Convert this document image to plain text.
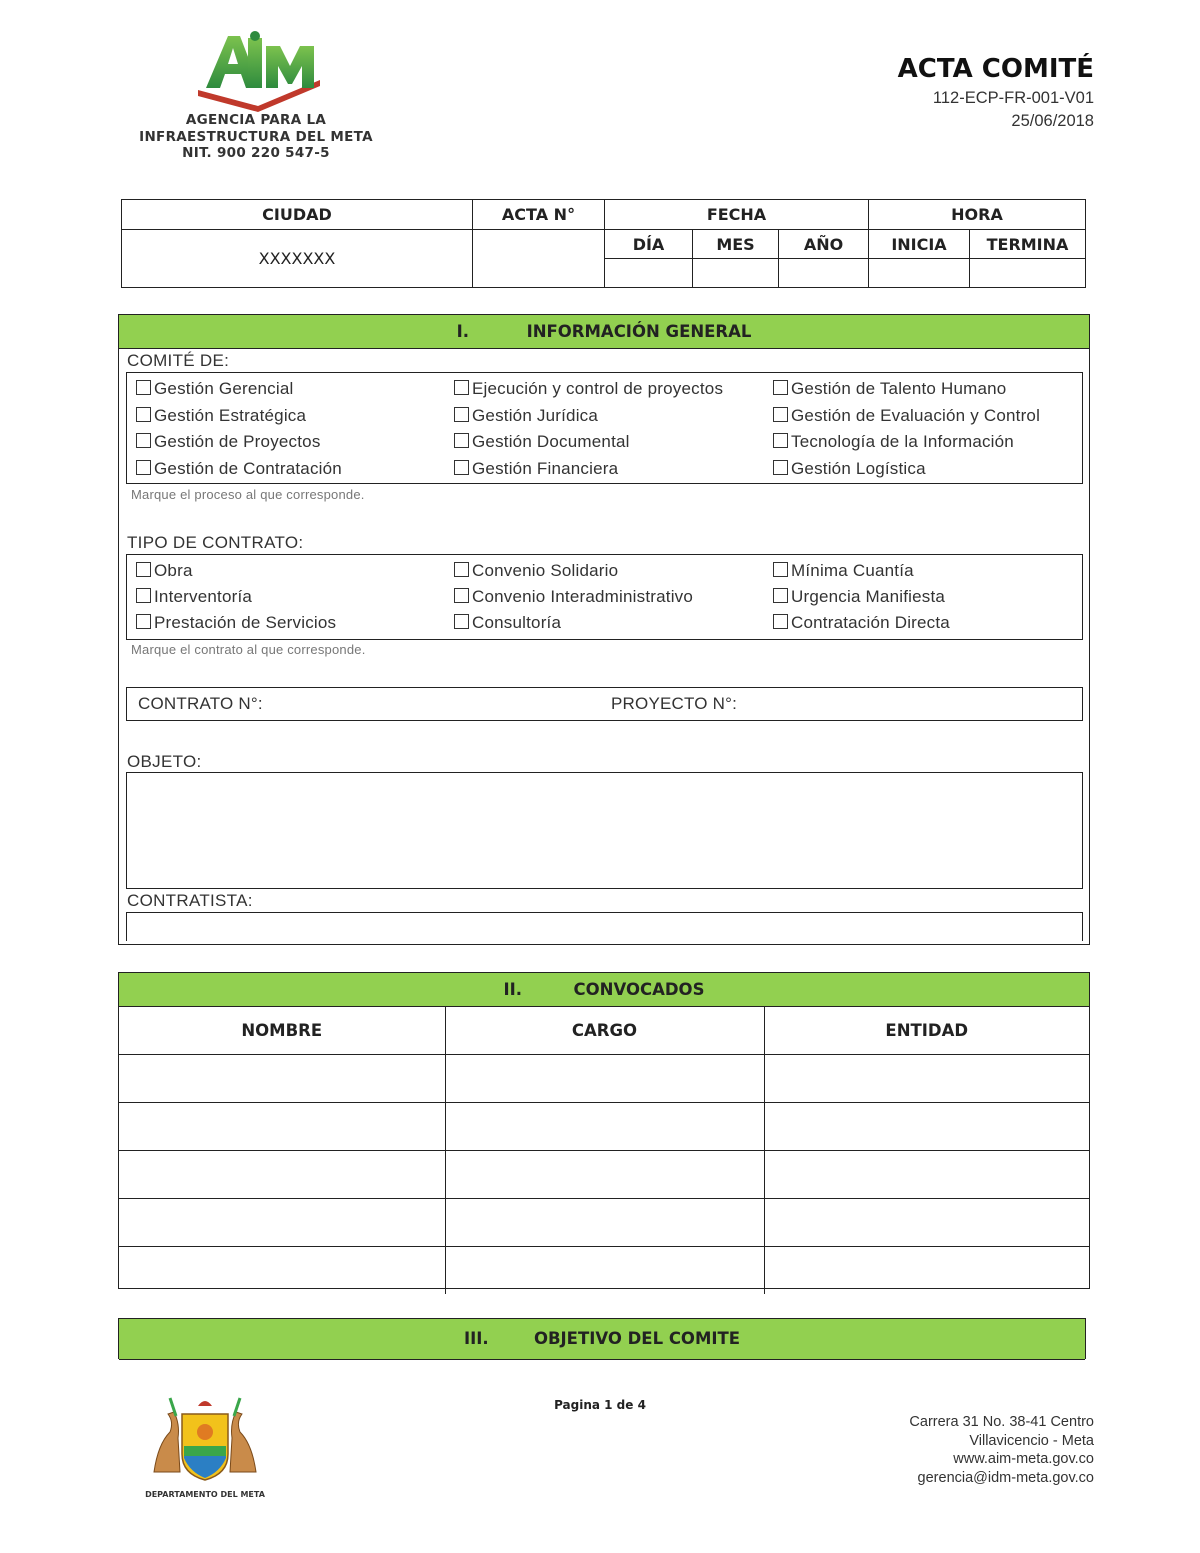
AGENCIA PARA LA
INFRAESTRUCTURA DEL META
NIT. 900 220 547-5
ACTA COMITÉ
112-ECP-FR-001-V01
25/06/2018
CIUDAD	ACTA N°	FECHA			HORA	
XXXXXXX		DÍA	MES	AÑO	INICIA	TERMINA

I.	INFORMACIÓN GENERAL
COMITÉ DE:
Gestión Gerencial	Ejecución y control de proyectos	Gestión de Talento Humano
Gestión Estratégica	Gestión Jurídica	Gestión de Evaluación y Control
Gestión de Proyectos	Gestión Documental	Tecnología de la Información
Gestión de Contratación	Gestión Financiera	Gestión Logística
Marque el proceso al que corresponde.
TIPO DE CONTRATO:
Obra	Convenio Solidario	Mínima Cuantía
Interventoría	Convenio Interadministrativo	Urgencia Manifiesta
Prestación de Servicios	Consultoría	Contratación Directa
Marque el contrato al que corresponde.
CONTRATO N°:	PROYECTO N°:
OBJETO:
CONTRATISTA:
II.	CONVOCADOS
NOMBRE	CARGO	ENTIDAD

III.	OBJETIVO DEL COMITE
Pagina 1 de 4
DEPARTAMENTO DEL META
Carrera 31 No. 38-41 Centro
Villavicencio - Meta
www.aim-meta.gov.co
gerencia@idm-meta.gov.co
